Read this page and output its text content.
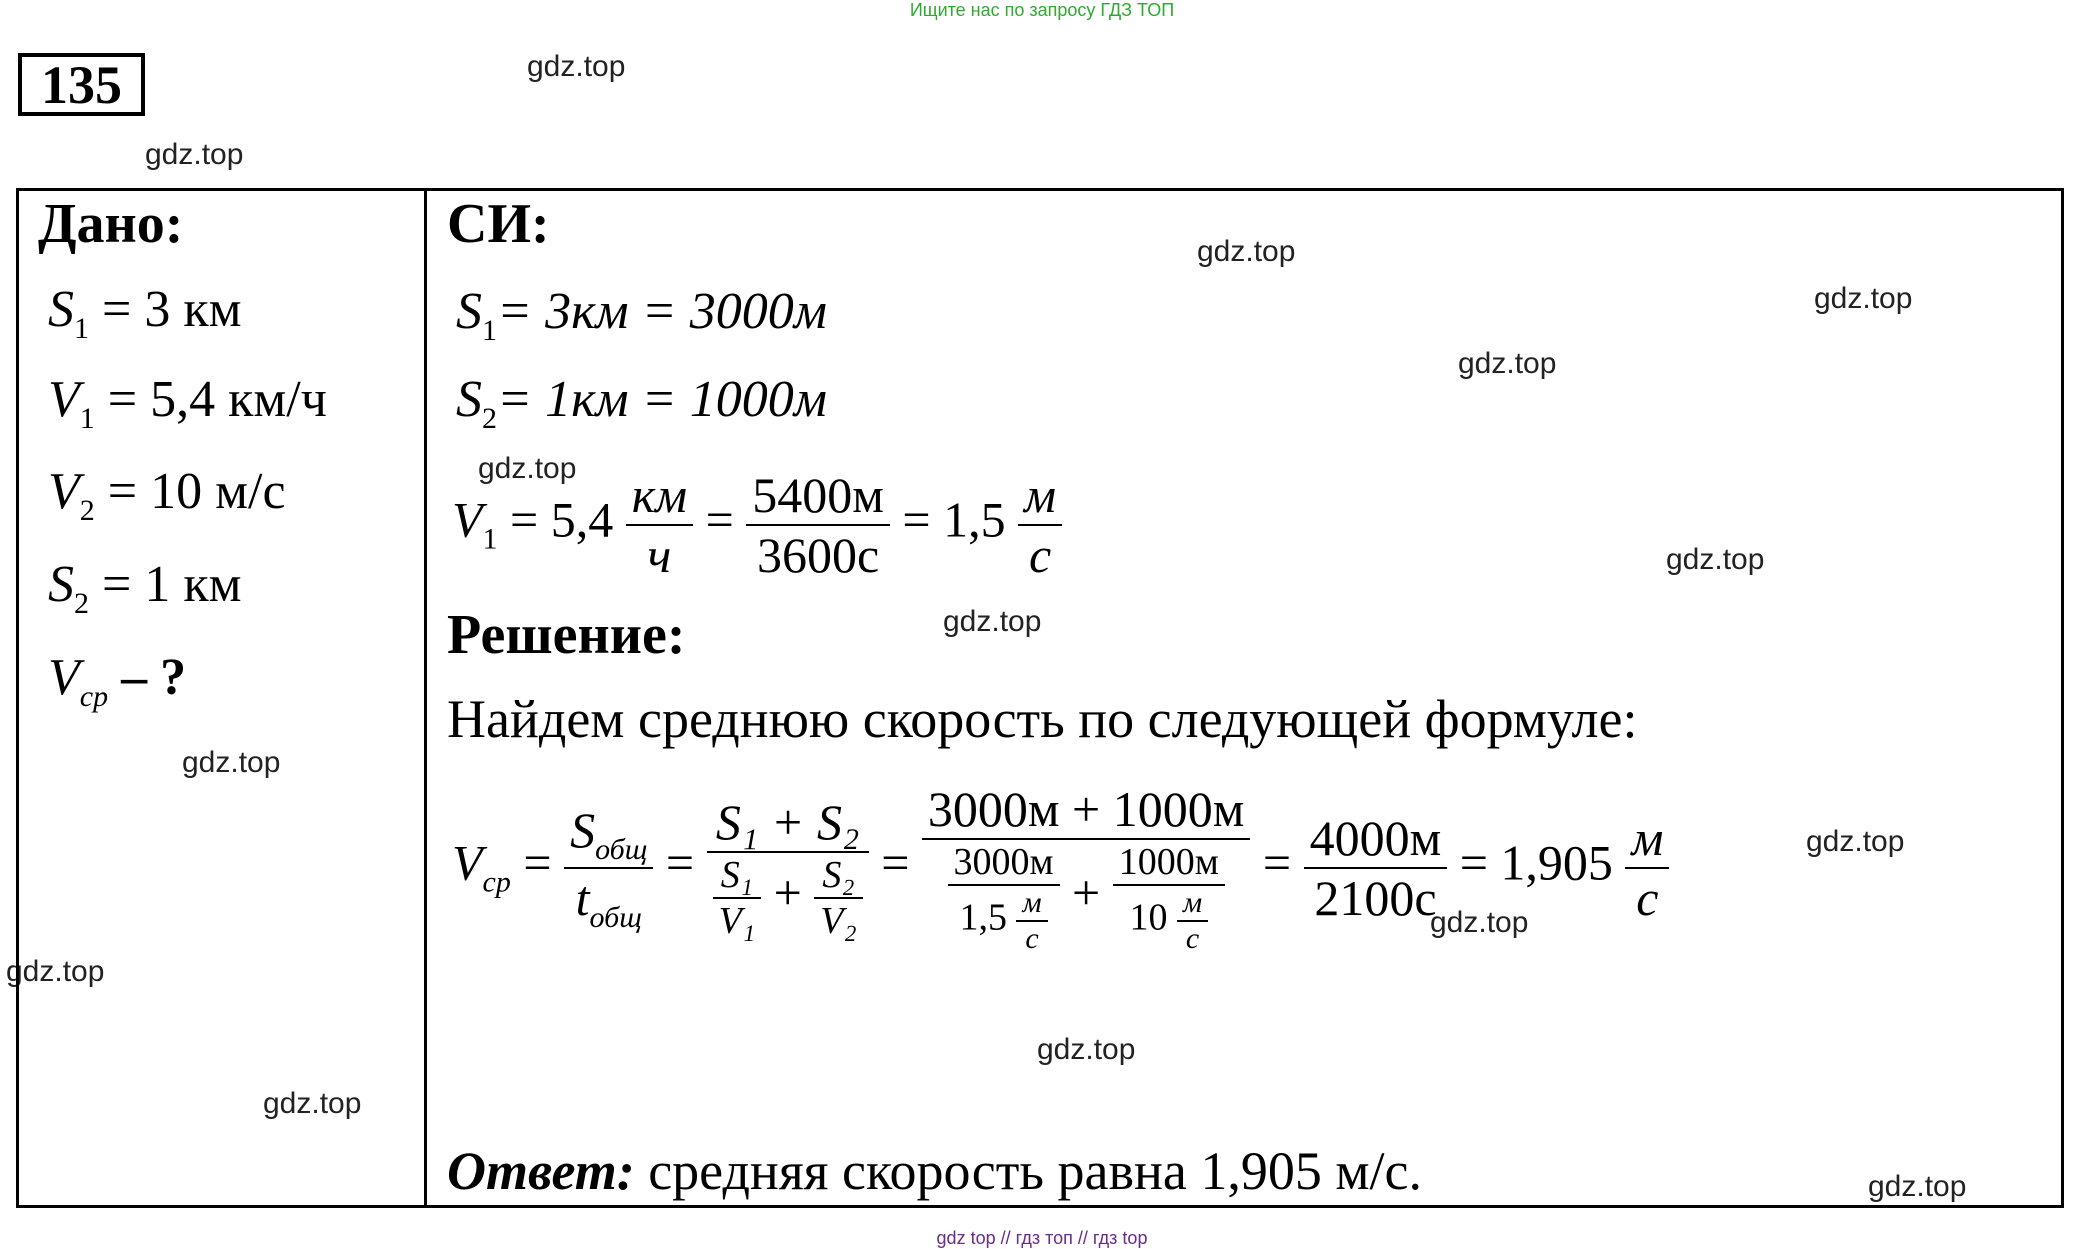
Ищите нас по запросу ГДЗ ТОП
135	gdz.top
gdz.top
gdz.top
gdz.top
gdz.top
gdz.top
gdz.top
gdz.top
gdz.top
gdz.top
gdz.top
gdz.top
gdz.top
gdz.top
gdz.top
Дано:
$S_1 = 3$ км
$V_1 = 5,4$ км/ч
$V_2 = 10$ м/с
$S_2 = 1$ км
$V_{ср}$ – ?
СИ:
$S_1= 3км = 3000м$
$S_2= 1км = 1000м$
$V_1 = 5,4 \frac{км}{ч} = \frac{5400м}{3600с} = 1,5 \frac{м}{с}$
Решение:
Найдем среднюю скорость по следующей формуле:
$V_{ср} = \frac{S_{общ}}{t_{общ}} = \frac{\text{S₁ + S₂}}{\frac{\text{S₁}}{\text{V₁}} + \frac{\text{S₂}}{\text{V₂}}}$ =
3000м + 1000м
$\frac{3000м}{1,5 \frac{м}{с}} + \frac{1000м}{10 \frac{м}{с}} = \frac{4000м}{2100с} = 1,905 \frac{м}{с}$
Ответ: средняя скорость равна 1,905 м/с.
gdz top // гдз топ // гдз top
